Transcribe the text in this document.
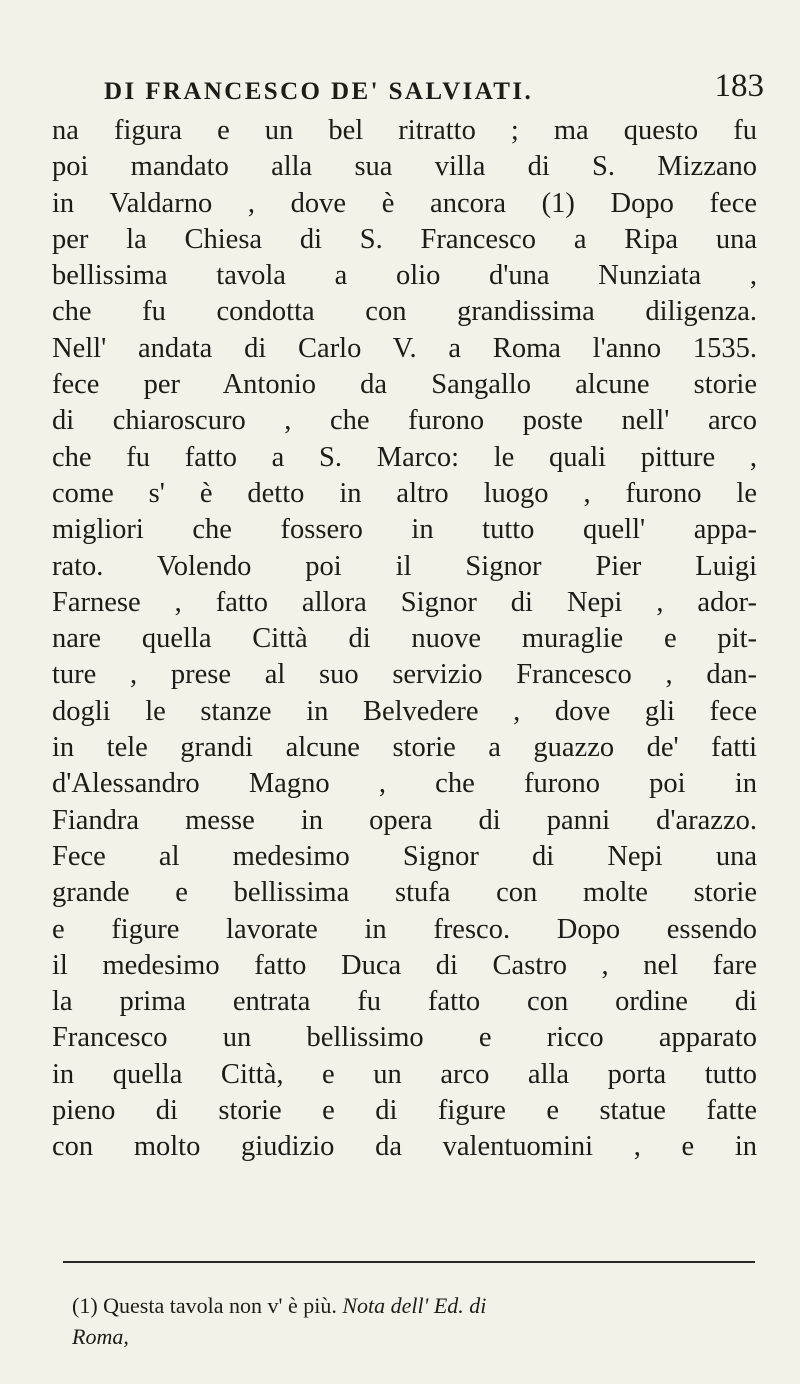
DI FRANCESCO DE' SALVIATI.	183
na figura e un bel ritratto ; ma questo fu
poi mandato alla sua villa di S. Mizzano
in Valdarno , dove è ancora (1) Dopo fece
per la Chiesa di S. Francesco a Ripa una
bellissima tavola a olio d'una Nunziata ,
che fu condotta con grandissima diligenza.
Nell' andata di Carlo V. a Roma l'anno 1535.
fece per Antonio da Sangallo alcune storie
di chiaroscuro , che furono poste nell' arco
che fu fatto a S. Marco: le quali pitture ,
come s' è detto in altro luogo , furono le
migliori che fossero in tutto quell' appa-
rato. Volendo poi il Signor Pier Luigi
Farnese , fatto allora Signor di Nepi , ador-
nare quella Città di nuove muraglie e pit-
ture , prese al suo servizio Francesco , dan-
dogli le stanze in Belvedere , dove gli fece
in tele grandi alcune storie a guazzo de' fatti
d'Alessandro Magno , che furono poi in
Fiandra messe in opera di panni d'arazzo.
Fece al medesimo Signor di Nepi una
grande e bellissima stufa con molte storie
e figure lavorate in fresco. Dopo essendo
il medesimo fatto Duca di Castro , nel fare
la prima entrata fu fatto con ordine di
Francesco un bellissimo e ricco apparato
in quella Città, e un arco alla porta tutto
pieno di storie e di figure e statue fatte
con molto giudizio da valentuomini , e in
(1) Questa tavola non v' è più. Nota dell' Ed. di
Roma,
